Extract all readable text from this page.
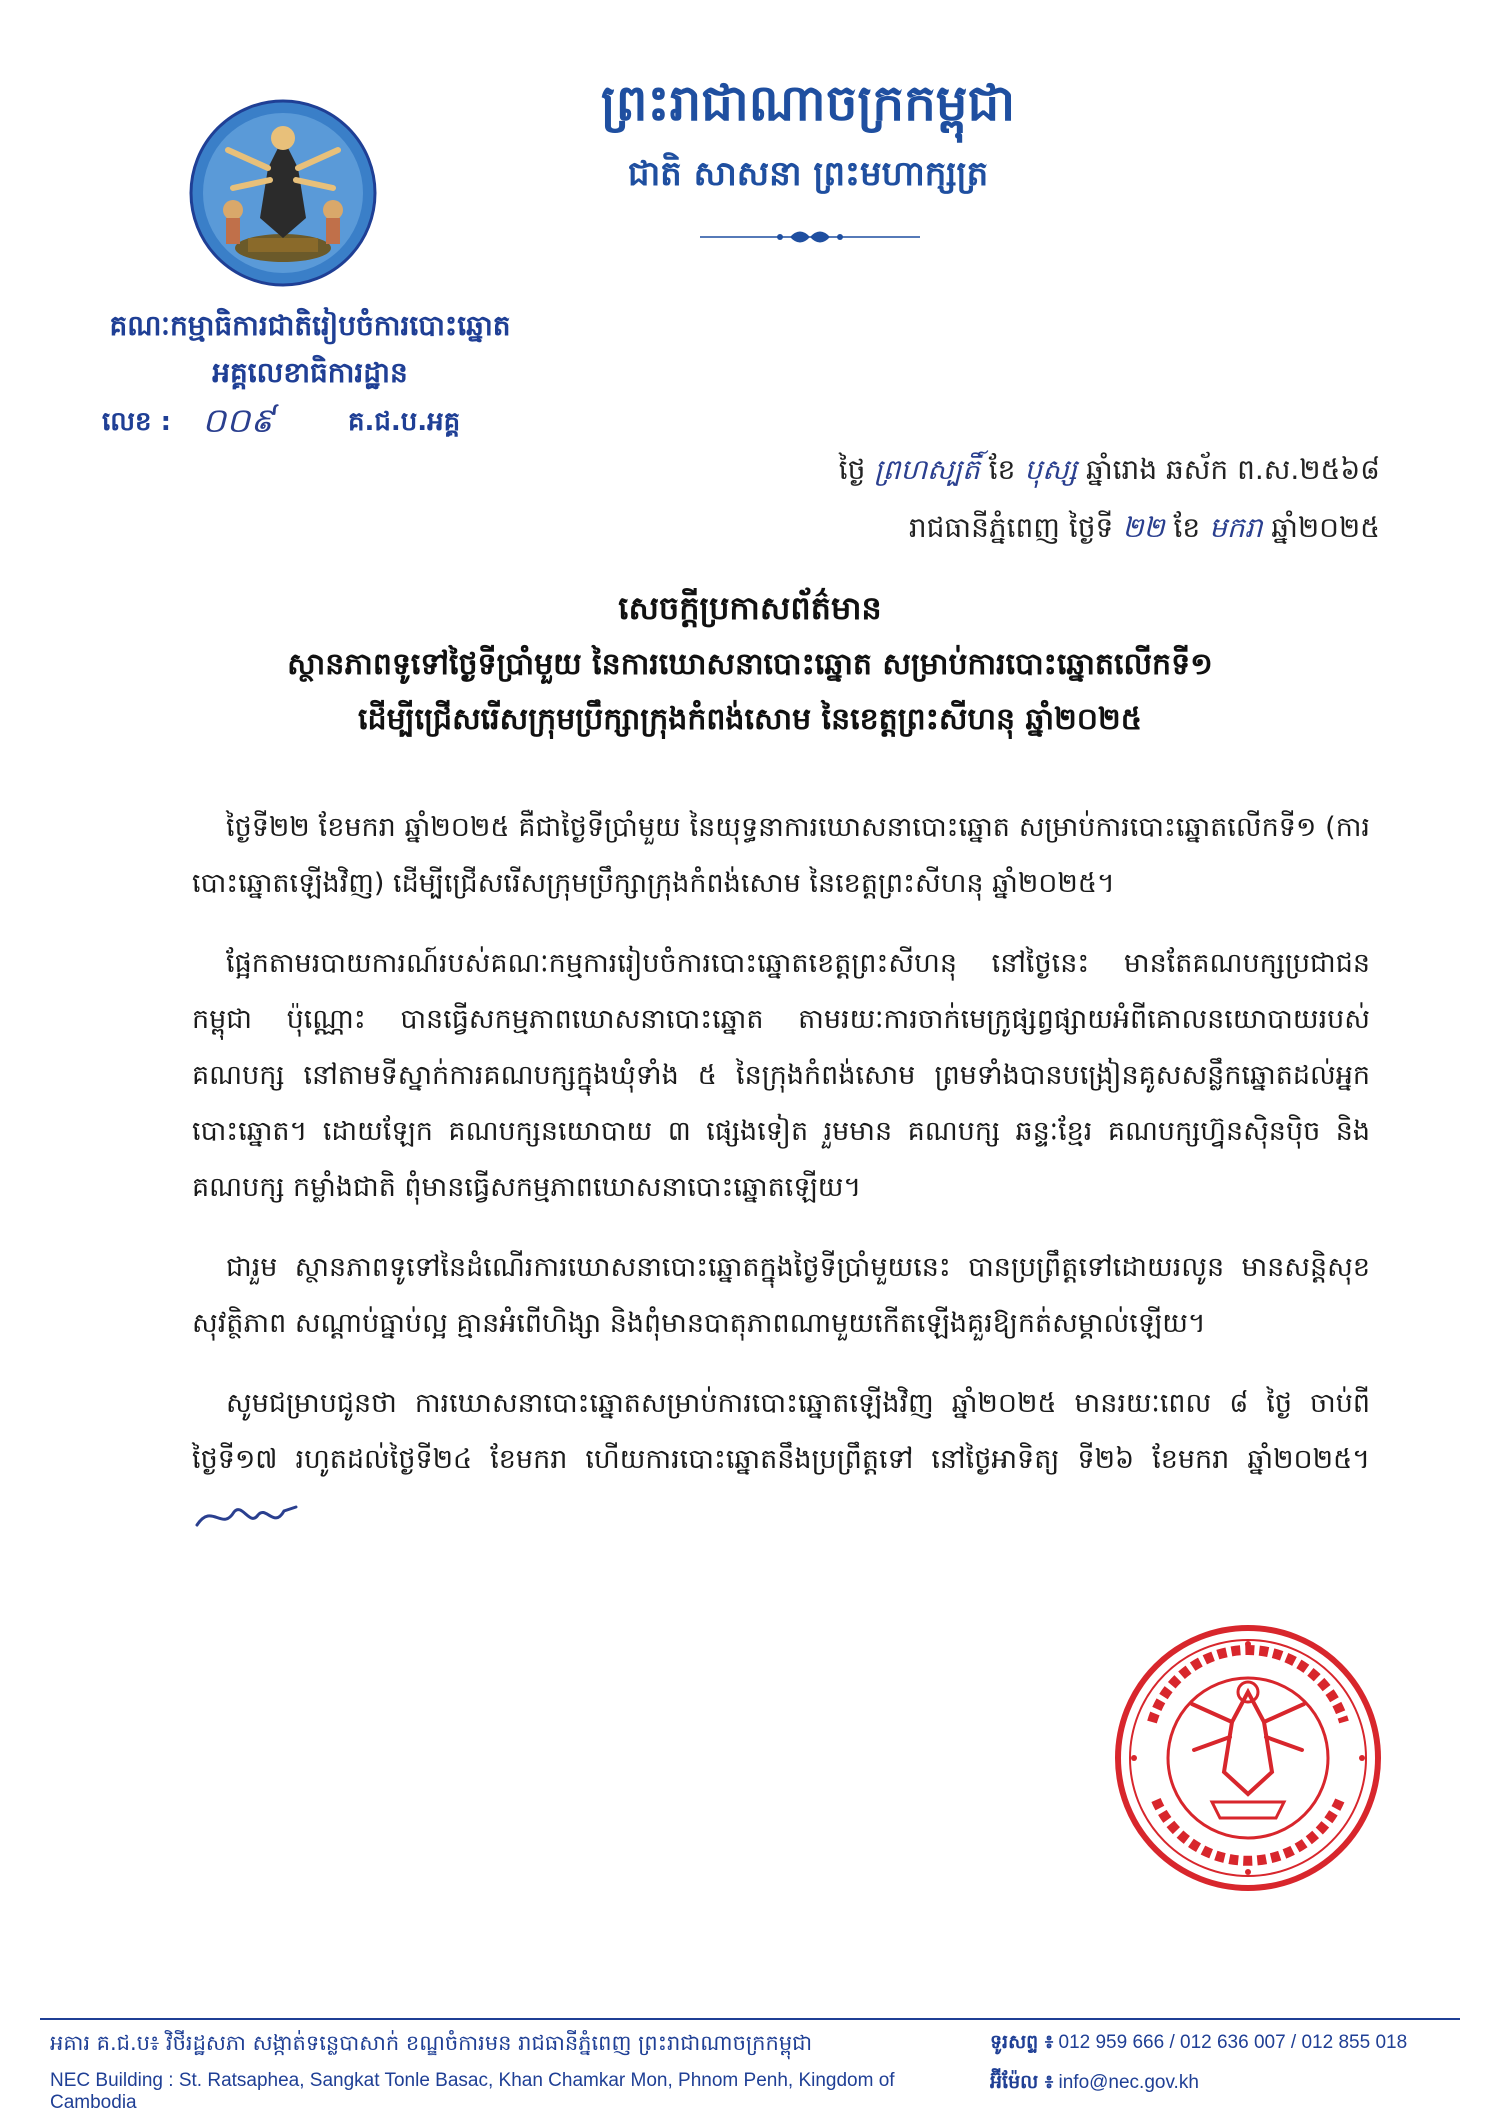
គណៈកម្មាធិការជាតិរៀបចំការបោះឆ្នោត
អគ្គលេខាធិការដ្ឋាន
លេខ : ០០៩	គ.ជ.ប.អគ្គ
ព្រះរាជាណាចក្រកម្ពុជា
ជាតិ សាសនា ព្រះមហាក្សត្រ
ថ្ងៃ ព្រហស្បតិ៍ ខែ បុស្ស ឆ្នាំរោង ឆស័ក ព.ស.២៥៦៨
រាជធានីភ្នំពេញ ថ្ងៃទី ២២ ខែ មករា ឆ្នាំ២០២៥
សេចក្តីប្រកាសព័ត៌មាន
ស្ថានភាពទូទៅថ្ងៃទីប្រាំមួយ នៃការឃោសនាបោះឆ្នោត សម្រាប់ការបោះឆ្នោតលើកទី១
ដើម្បីជ្រើសរើសក្រុមប្រឹក្សាក្រុងកំពង់សោម នៃខេត្តព្រះសីហនុ ឆ្នាំ២០២៥

ថ្ងៃទី២២ ខែមករា ឆ្នាំ២០២៥ គឺជាថ្ងៃទីប្រាំមួយ នៃយុទ្ធនាការឃោសនាបោះឆ្នោត សម្រាប់ការបោះឆ្នោតលើកទី១ (ការបោះឆ្នោតឡើងវិញ) ដើម្បីជ្រើសរើសក្រុមប្រឹក្សាក្រុងកំពង់សោម នៃខេត្តព្រះសីហនុ ឆ្នាំ២០២៥។

ផ្អែកតាមរបាយការណ៍របស់គណៈកម្មការរៀបចំការបោះឆ្នោតខេត្តព្រះសីហនុ នៅថ្ងៃនេះ មានតែគណបក្សប្រជាជនកម្ពុជា ប៉ុណ្ណោះ បានធ្វើសកម្មភាពឃោសនាបោះឆ្នោត តាមរយៈការចាក់មេក្រូផ្សព្វផ្សាយអំពីគោលនយោបាយរបស់គណបក្ស នៅតាមទីស្នាក់ការគណបក្សក្នុងឃុំទាំង ៥ នៃក្រុងកំពង់សោម ព្រមទាំងបានបង្រៀនគូសសន្លឹកឆ្នោតដល់អ្នកបោះឆ្នោត។ ដោយឡែក គណបក្សនយោបាយ ៣ ផ្សេងទៀត រួមមាន គណបក្ស ឆន្ទៈខ្មែរ គណបក្សហ្វ៊ុនស៊ិនប៉ិច និងគណបក្ស កម្លាំងជាតិ ពុំមានធ្វើសកម្មភាពឃោសនាបោះឆ្នោតឡើយ។

ជារួម ស្ថានភាពទូទៅនៃដំណើរការឃោសនាបោះឆ្នោតក្នុងថ្ងៃទីប្រាំមួយនេះ បានប្រព្រឹត្តទៅដោយរលូន មានសន្តិសុខ សុវត្ថិភាព សណ្តាប់ធ្នាប់ល្អ គ្មានអំពើហិង្សា និងពុំមានបាតុភាពណាមួយកើតឡើងគួរឱ្យកត់សម្គាល់ឡើយ។

សូមជម្រាបជូនថា ការឃោសនាបោះឆ្នោតសម្រាប់ការបោះឆ្នោតឡើងវិញ ឆ្នាំ២០២៥ មានរយៈពេល ៨ ថ្ងៃ ចាប់ពីថ្ងៃទី១៧ រហូតដល់ថ្ងៃទី២៤ ខែមករា ហើយការបោះឆ្នោតនឹងប្រព្រឹត្តទៅ នៅថ្ងៃអាទិត្យ ទី២៦ ខែមករា ឆ្នាំ២០២៥។

អគារ គ.ជ.ប៖ វិថីរដ្ឋសភា សង្កាត់ទន្លេបាសាក់ ខណ្ឌចំការមន រាជធានីភ្នំពេញ ព្រះរាជាណាចក្រកម្ពុជា
NEC Building : St. Ratsaphea, Sangkat Tonle Basac, Khan Chamkar Mon, Phnom Penh, Kingdom of Cambodia
ទូរសព្ទ ៖ 012 959 666 / 012 636 007 / 012 855 018
អ៊ីម៉ែល ៖ info@nec.gov.kh
